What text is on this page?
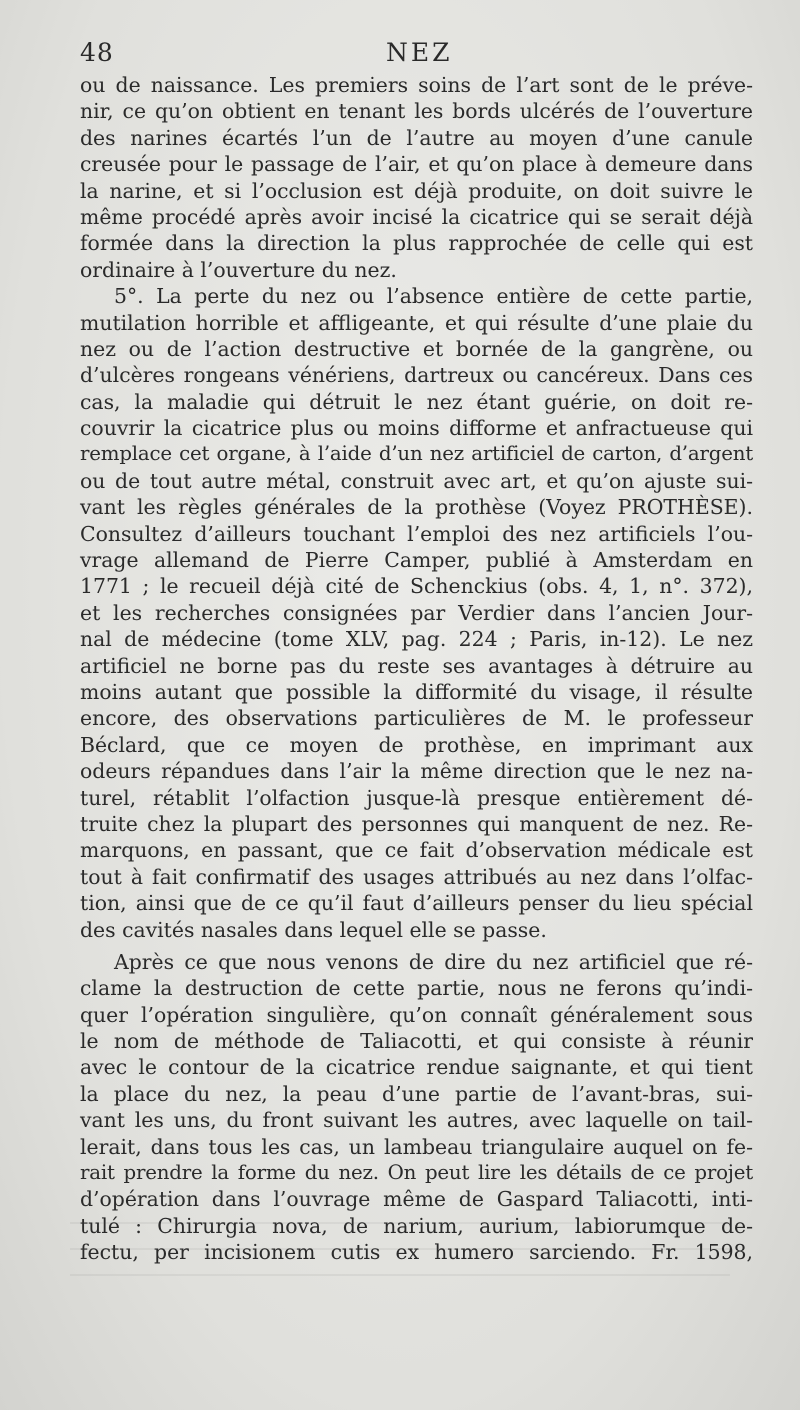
48	NEZ
ou de naissance. Les premiers soins de l’art sont de le préve-
nir, ce qu’on obtient en tenant les bords ulcérés de l’ouverture
des narines écartés l’un de l’autre au moyen d’une canule
creusée pour le passage de l’air, et qu’on place à demeure dans
la narine, et si l’occlusion est déjà produite, on doit suivre le
même procédé après avoir incisé la cicatrice qui se serait déjà
formée dans la direction la plus rapprochée de celle qui est
ordinaire à l’ouverture du nez.
5°. La perte du nez ou l’absence entière de cette partie,
mutilation horrible et affligeante, et qui résulte d’une plaie du
nez ou de l’action destructive et bornée de la gangrène, ou
d’ulcères rongeans vénériens, dartreux ou cancéreux. Dans ces
cas, la maladie qui détruit le nez étant guérie, on doit re-
couvrir la cicatrice plus ou moins difforme et anfractueuse qui
remplace cet organe, à l’aide d’un nez artificiel de carton, d’argent
ou de tout autre métal, construit avec art, et qu’on ajuste sui-
vant les règles générales de la prothèse (Voyez PROTHÈSE).
Consultez d’ailleurs touchant l’emploi des nez artificiels l’ou-
vrage allemand de Pierre Camper, publié à Amsterdam en
1771 ; le recueil déjà cité de Schenckius (obs. 4, 1, n°. 372),
et les recherches consignées par Verdier dans l’ancien Jour-
nal de médecine (tome XLV, pag. 224 ; Paris, in-12). Le nez
artificiel ne borne pas du reste ses avantages à détruire au
moins autant que possible la difformité du visage, il résulte
encore, des observations particulières de M. le professeur
Béclard, que ce moyen de prothèse, en imprimant aux
odeurs répandues dans l’air la même direction que le nez na-
turel, rétablit l’olfaction jusque-là presque entièrement dé-
truite chez la plupart des personnes qui manquent de nez. Re-
marquons, en passant, que ce fait d’observation médicale est
tout à fait confirmatif des usages attribués au nez dans l’olfac-
tion, ainsi que de ce qu’il faut d’ailleurs penser du lieu spécial
des cavités nasales dans lequel elle se passe.
Après ce que nous venons de dire du nez artificiel que ré-
clame la destruction de cette partie, nous ne ferons qu’indi-
quer l’opération singulière, qu’on connaît généralement sous
le nom de méthode de Taliacotti, et qui consiste à réunir
avec le contour de la cicatrice rendue saignante, et qui tient
la place du nez, la peau d’une partie de l’avant-bras, sui-
vant les uns, du front suivant les autres, avec laquelle on tail-
lerait, dans tous les cas, un lambeau triangulaire auquel on fe-
rait prendre la forme du nez. On peut lire les détails de ce projet
d’opération dans l’ouvrage même de Gaspard Taliacotti, inti-
tulé : Chirurgia nova, de narium, aurium, labiorumque de-
fectu, per incisionem cutis ex humero sarciendo. Fr. 1598,
